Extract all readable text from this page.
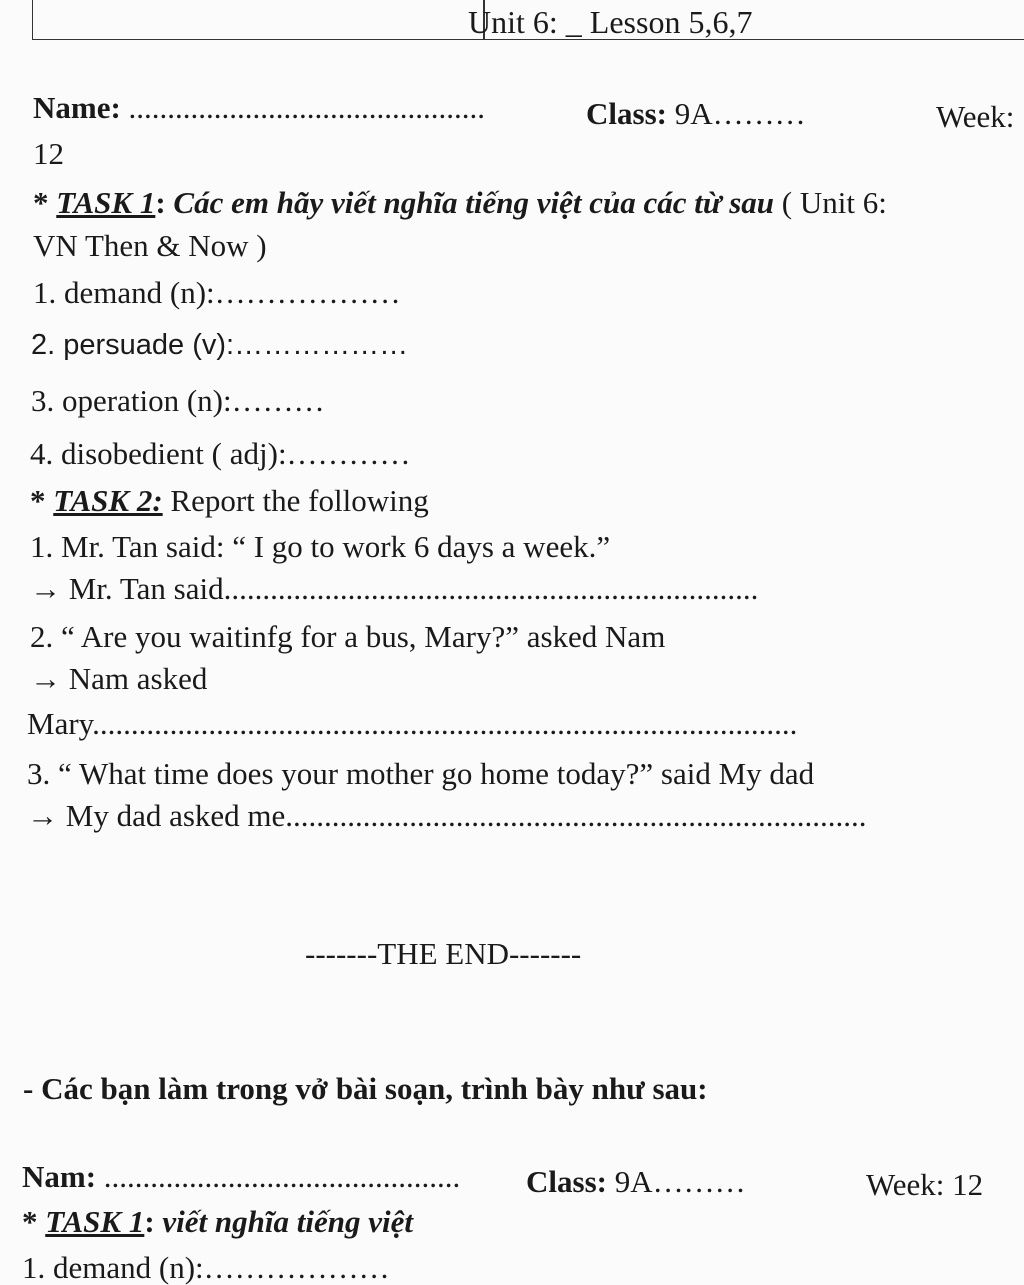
Unit 6: _ Lesson 5,6,7
Name: ..............................................	Class: 9A………	Week:
12
* TASK 1: Các em hãy viết nghĩa tiếng việt của các từ sau ( Unit 6:
VN Then & Now )
1. demand (n):………………
2. persuade (v):………………
3. operation (n):………
4. disobedient ( adj):…………
* TASK 2: Report the following
1. Mr. Tan said: “ I go to work 6 days a week.”
→ Mr. Tan said.....................................................................
2. “ Are you waitinfg for a bus, Mary?” asked Nam
→ Nam asked
Mary...........................................................................................
3. “ What time does your mother go home today?” said My dad
→ My dad asked me...........................................................................
-------THE END-------
- Các bạn làm trong vở bài soạn, trình bày như sau:
Nam: .............................................. Class: 9A………	Week: 12
* TASK 1: viết nghĩa tiếng việt
1. demand (n):………………
